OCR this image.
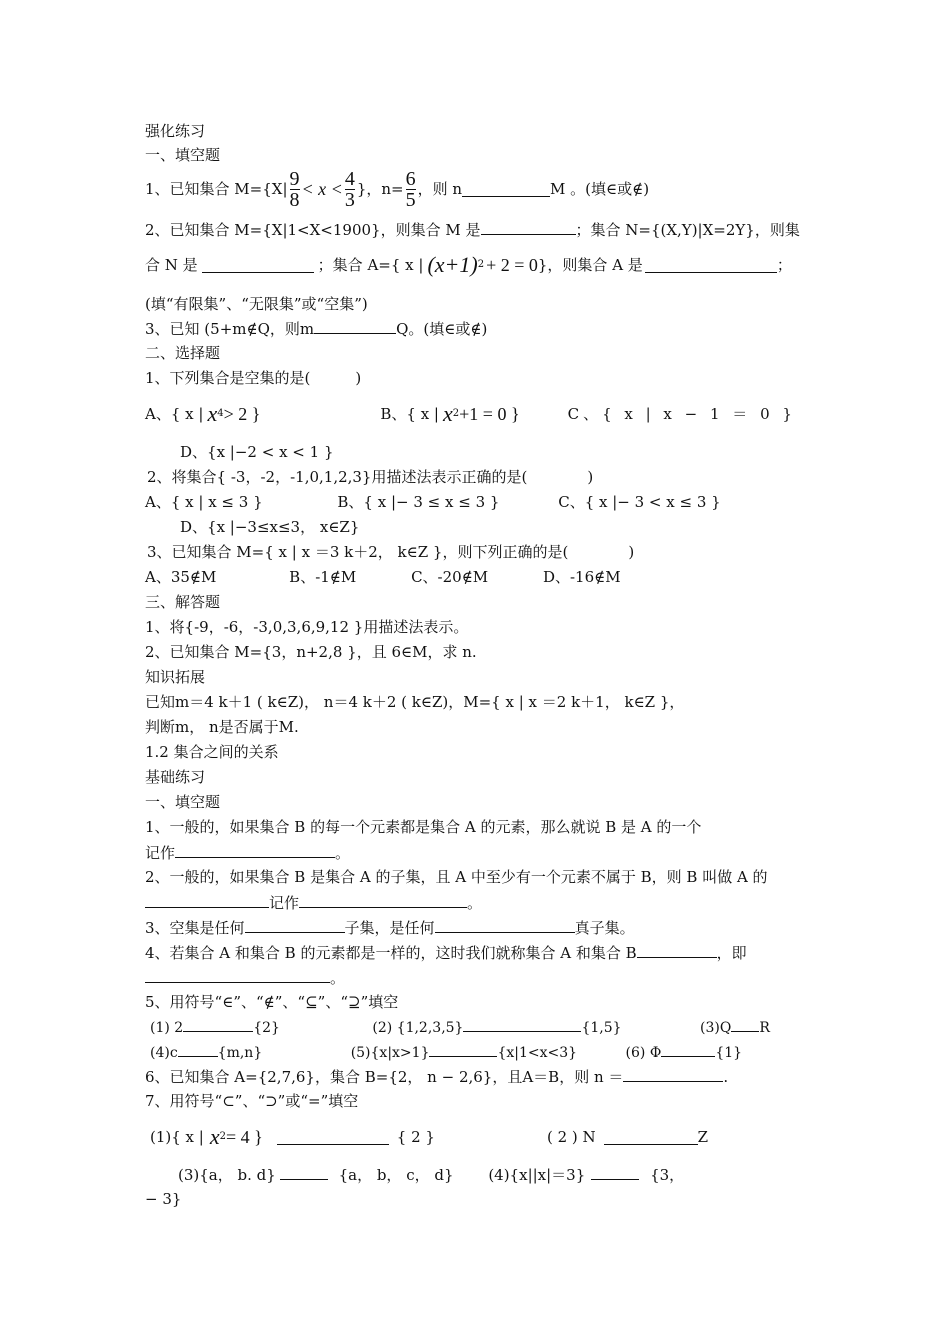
强化练习
一、填空题
1、已知集合 $M=\{X| \frac{9}{8} < x < \frac{4}{3}$ }，$n= \frac{6}{5}$ ，则 n	M 。(填∈或∉)
2、已知集合 M={X|1<X<1900}，则集合 M 是	；集合 N={(X,Y)|X=2Y}，则集
合 N 是	；集合 A={ x | (x+1) 2 + 2 = 0 }，则集合 A 是	；
(填“有限集”、“无限集”或“空集”)
3、已知 (5+m∉Q，则m	Q。(填∈或∉)
二、选择题
1、下列集合是空集的是(　　　)
A、{ x | x 4 > 2 }	B、{ x | x 2 +1 = 0 }	C、{ x | x − 1 ＝ 0 }
D、{x |−2 < x < 1 }
2、将集合{ -3，-2，-1,0,1,2,3}用描述法表示正确的是(　　　　)
A、{ x | x ≤ 3 }	B、{ x |− 3 ≤ x ≤ 3 }	C、{ x |− 3 < x ≤ 3 }
D、{x |−3≤x≤3， x∈Z}
3、已知集合 M={ x | x ＝3 k＋2， k∈Z }，则下列正确的是(　　　　)
A、35∉M	B、-1∉M	C、-20∉M	D、-16∉M
三、解答题
1、将{-9，-6，-3,0,3,6,9,12 }用描述法表示。
2、已知集合 M={3，n+2,8 }，且 6∈M，求 n.
知识拓展
已知m＝4 k＋1 ( k∈Z)， n＝4 k＋2 ( k∈Z)，M={ x | x ＝2 k＋1， k∈Z }，
判断m， n是否属于M.
1.2 集合之间的关系
基础练习
一、填空题
1、一般的，如果集合 B 的每一个元素都是集合 A 的元素，那么就说 B 是 A 的一个
记作	。
2、一般的，如果集合 B 是集合 A 的子集，且 A 中至少有一个元素不属于 B，则 B 叫做 A 的
记作	。
3、空集是任何	子集，是任何	真子集。
4、若集合 A 和集合 B 的元素都是一样的，这时我们就称集合 A 和集合 B	，即
。
5、用符号“∈”、“∉”、“⊆”、“⊇”填空
(1) 2	{2}	(2) {1,2,3,5}	{1,5}	(3)Q R
(4)c	{m,n}	(5){x|x>1}	{x|1<x<3}	(6) Φ	{1}
6、已知集合 A={2,7,6}，集合 B={2， n − 2,6}，且A＝B，则 n ＝	.
7、用符号“⊂”、“⊃”或“=”填空
(1){ x | x 2 = 4 }	{ 2 }	( 2 ) N	Z
(3){a， b. d}	{a， b， c， d} (4){x||x|＝3}	{3，
− 3}
